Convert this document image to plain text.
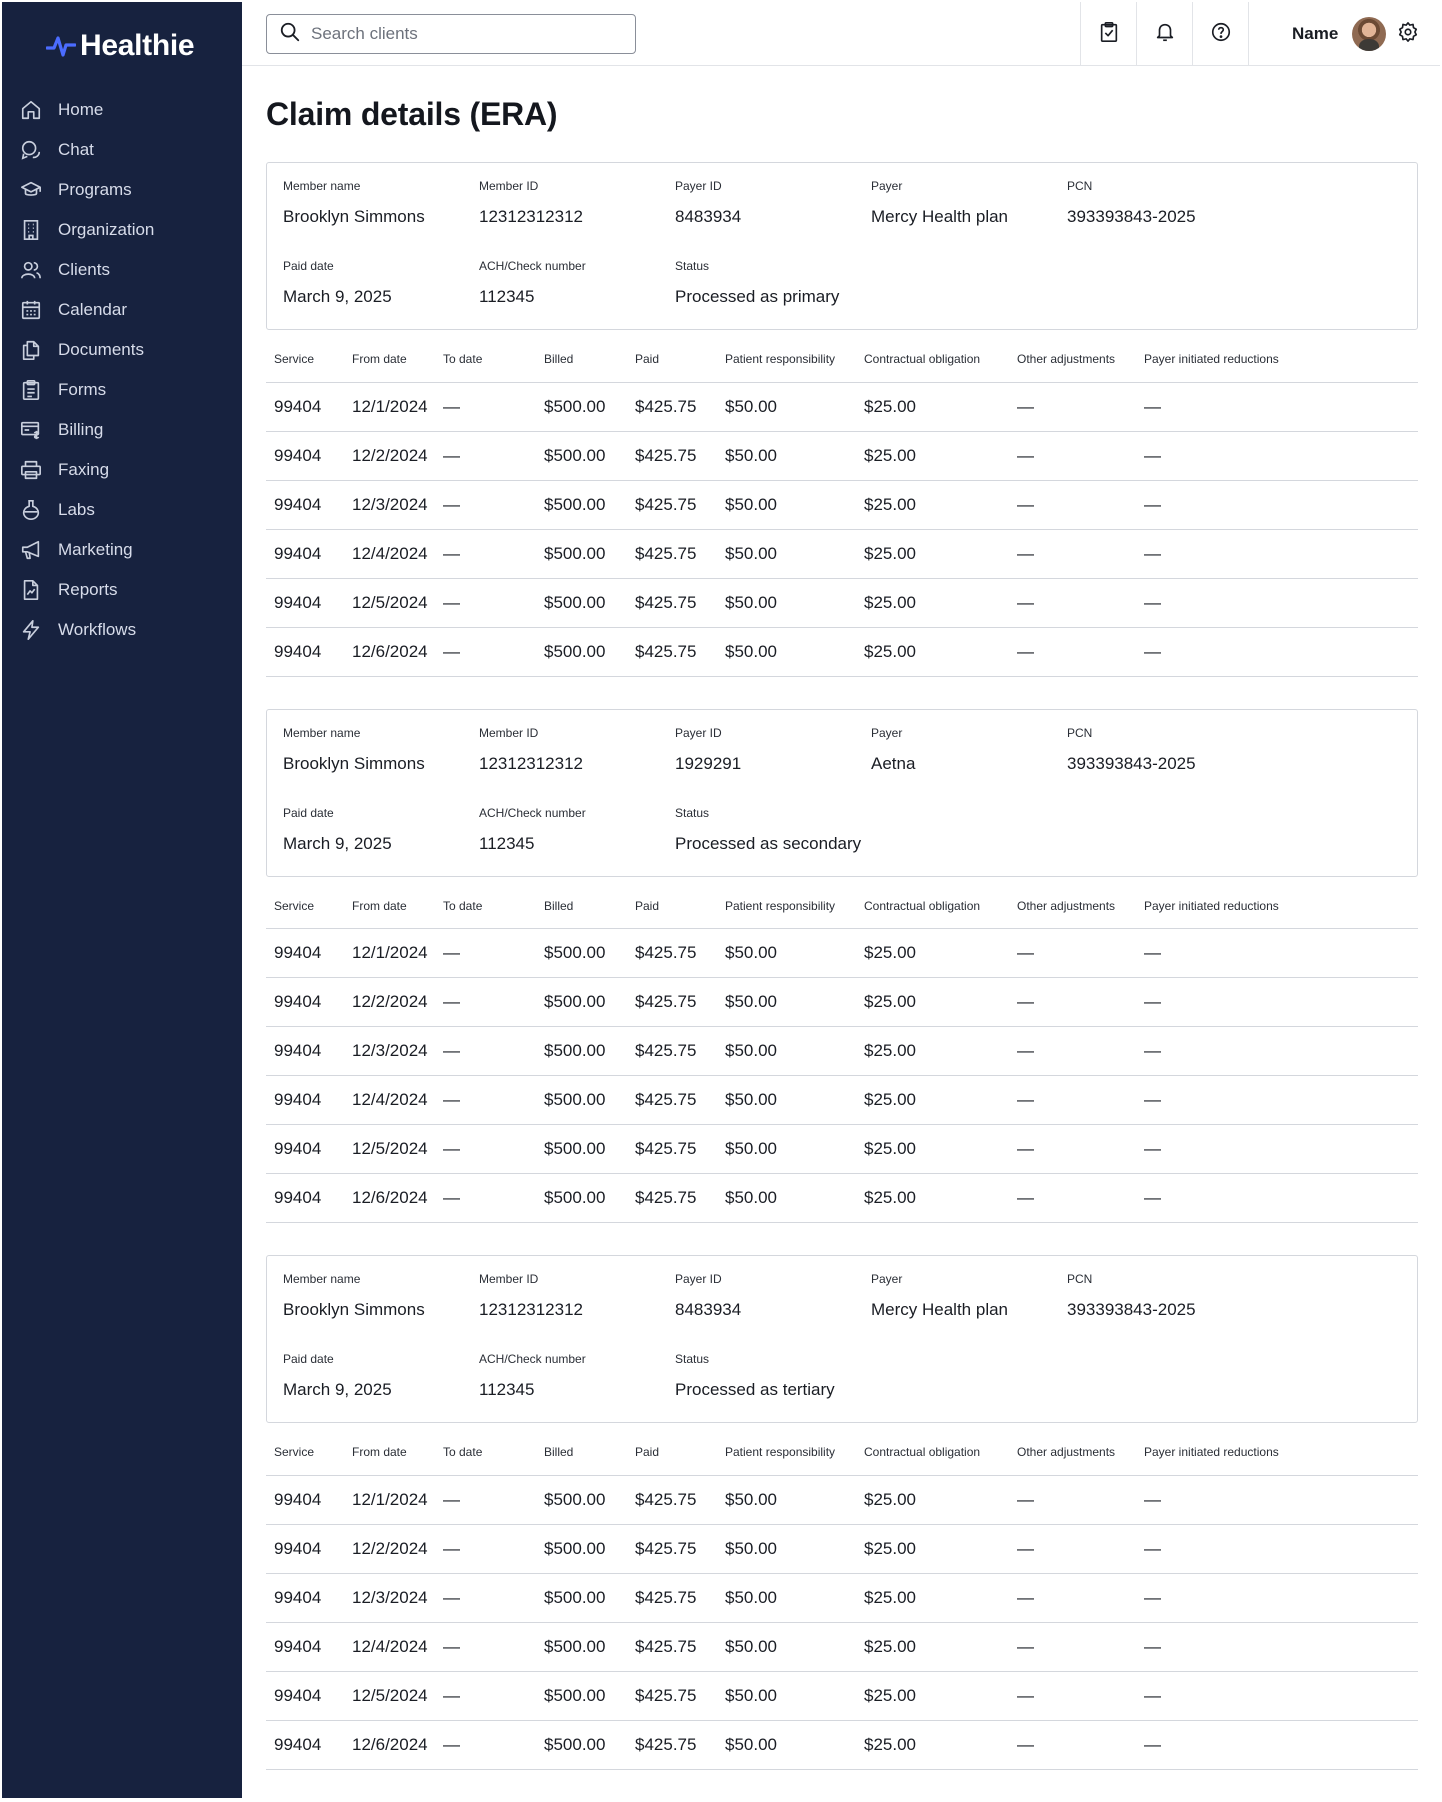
Healthie
Home
Chat
Programs
Organization
Clients
Calendar
Documents
Forms
Billing
Faxing
Labs
Marketing
Reports
Workflows
Search clients
Name
Claim details (ERA)
Member name
Brooklyn Simmons
Member ID
12312312312
Payer ID
8483934
Payer
Mercy Health plan
PCN
393393843-2025
Paid date
March 9, 2025
ACH/Check number
112345
Status
Processed as primary
Service	From date	To date	Billed	Paid	Patient responsibility	Contractual obligation	Other adjustments	Payer initiated reductions
99404	12/1/2024	—	$500.00	$425.75	$50.00	$25.00	—	—
99404	12/2/2024	—	$500.00	$425.75	$50.00	$25.00	—	—
99404	12/3/2024	—	$500.00	$425.75	$50.00	$25.00	—	—
99404	12/4/2024	—	$500.00	$425.75	$50.00	$25.00	—	—
99404	12/5/2024	—	$500.00	$425.75	$50.00	$25.00	—	—
99404	12/6/2024	—	$500.00	$425.75	$50.00	$25.00	—	—
Member name
Brooklyn Simmons
Member ID
12312312312
Payer ID
1929291
Payer
Aetna
PCN
393393843-2025
Paid date
March 9, 2025
ACH/Check number
112345
Status
Processed as secondary
Service	From date	To date	Billed	Paid	Patient responsibility	Contractual obligation	Other adjustments	Payer initiated reductions
99404	12/1/2024	—	$500.00	$425.75	$50.00	$25.00	—	—
99404	12/2/2024	—	$500.00	$425.75	$50.00	$25.00	—	—
99404	12/3/2024	—	$500.00	$425.75	$50.00	$25.00	—	—
99404	12/4/2024	—	$500.00	$425.75	$50.00	$25.00	—	—
99404	12/5/2024	—	$500.00	$425.75	$50.00	$25.00	—	—
99404	12/6/2024	—	$500.00	$425.75	$50.00	$25.00	—	—
Member name
Brooklyn Simmons
Member ID
12312312312
Payer ID
8483934
Payer
Mercy Health plan
PCN
393393843-2025
Paid date
March 9, 2025
ACH/Check number
112345
Status
Processed as tertiary
Service	From date	To date	Billed	Paid	Patient responsibility	Contractual obligation	Other adjustments	Payer initiated reductions
99404	12/1/2024	—	$500.00	$425.75	$50.00	$25.00	—	—
99404	12/2/2024	—	$500.00	$425.75	$50.00	$25.00	—	—
99404	12/3/2024	—	$500.00	$425.75	$50.00	$25.00	—	—
99404	12/4/2024	—	$500.00	$425.75	$50.00	$25.00	—	—
99404	12/5/2024	—	$500.00	$425.75	$50.00	$25.00	—	—
99404	12/6/2024	—	$500.00	$425.75	$50.00	$25.00	—	—
